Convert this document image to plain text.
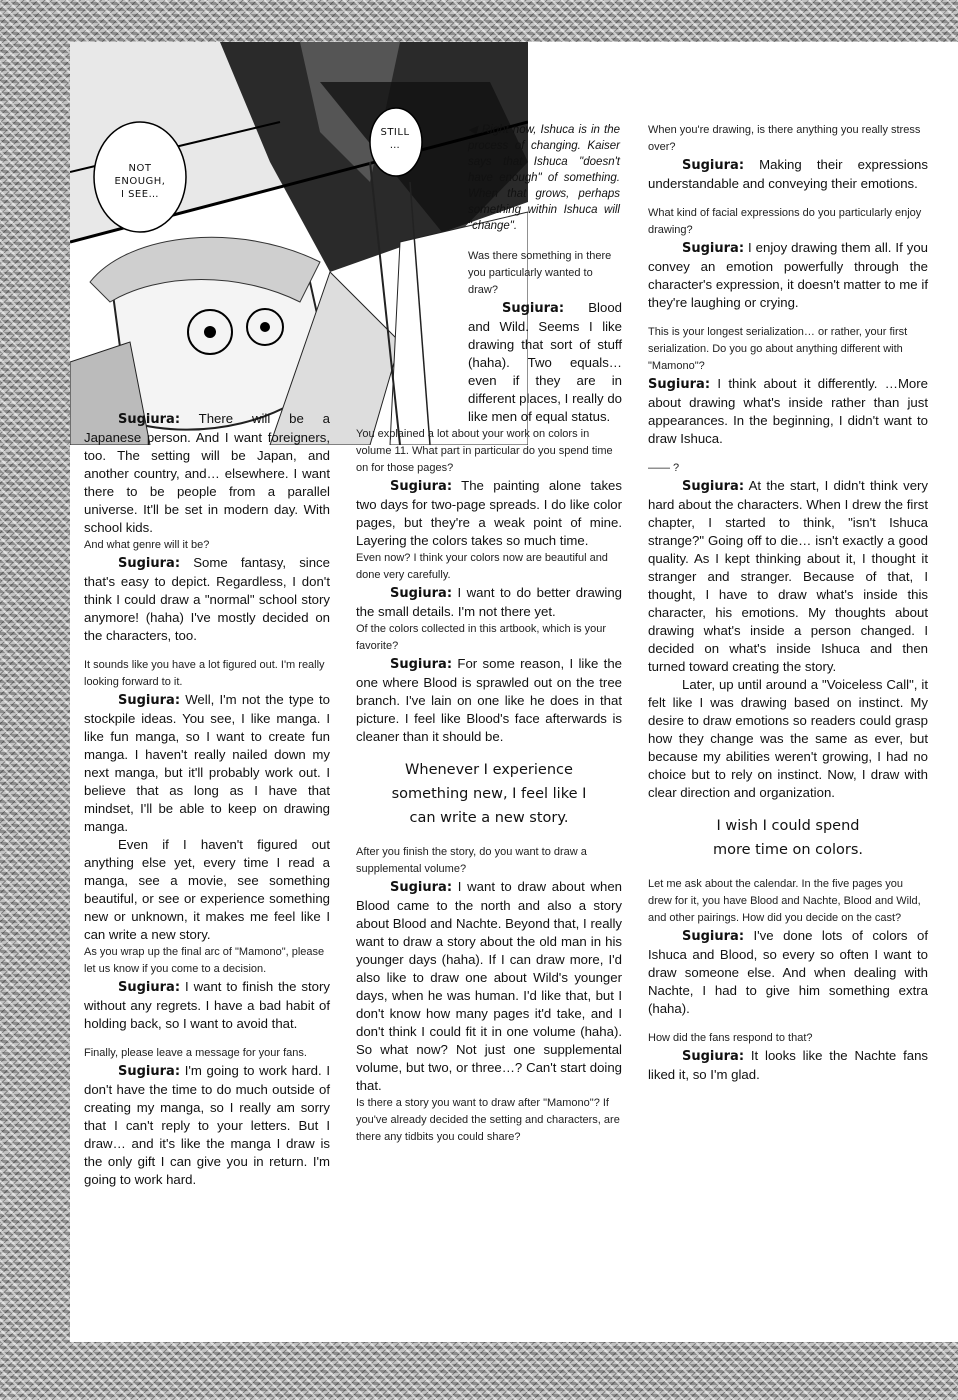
NOT
ENOUGH,
I SEE…
STILL
…
◀ Right now, Ishuca is in the process of changing. Kaiser says that Ishuca "doesn't have enough" of something. When that grows, perhaps something within Ishuca will "change".

Sugiura: There will be a Japanese person. And I want foreigners, too. The setting will be Japan, and another country, and… elsewhere. I want there to be people from a parallel universe. It'll be set in modern day. With school kids.

And what genre will it be?

Sugiura: Some fantasy, since that's easy to depict. Regardless, I don't think I could draw a "normal" school story anymore! (haha) I've mostly decided on the characters, too.

It sounds like you have a lot figured out. I'm really looking forward to it.

Sugiura: Well, I'm not the type to stockpile ideas. You see, I like manga. I like fun manga, so I want to create fun manga. I haven't really nailed down my next manga, but it'll probably work out. I believe that as long as I have that mindset, I'll be able to keep on drawing manga.

Even if I haven't figured out anything else yet, every time I read a manga, see a movie, see something beautiful, or see or experience something new or unknown, it makes me feel like I can write a new story.

As you wrap up the final arc of "Mamono", please let us know if you come to a decision.

Sugiura: I want to finish the story without any regrets. I have a bad habit of holding back, so I want to avoid that.

Finally, please leave a message for your fans.

Sugiura: I'm going to work hard. I don't have the time to do much outside of creating my manga, so I really am sorry that I can't reply to your letters. But I draw… and it's like the manga I draw is the only gift I can give you in return. I'm going to work hard.

Was there something in there you particularly wanted to draw?

Sugiura: Blood and Wild. Seems I like drawing that sort of stuff (haha). Two equals… even if they are in different places, I really do like men of equal status.

You explained a lot about your work on colors in volume 11. What part in particular do you spend time on for those pages?

Sugiura: The painting alone takes two days for two-page spreads. I do like color pages, but they're a weak point of mine. Layering the colors takes so much time.

Even now? I think your colors now are beautiful and done very carefully.

Sugiura: I want to do better drawing the small details. I'm not there yet.

Of the colors collected in this artbook, which is your favorite?

Sugiura: For some reason, I like the one where Blood is sprawled out on the tree branch. I've lain on one like he does in that picture. I feel like Blood's face afterwards is cleaner than it should be.

Whenever I experience something new, I feel like I can write a new story.

After you finish the story, do you want to draw a supplemental volume?

Sugiura: I want to draw about when Blood came to the north and also a story about Blood and Nachte. Beyond that, I really want to draw a story about the old man in his younger days (haha). If I can draw more, I'd also like to draw one about Wild's younger days, when he was human. I'd like that, but I don't know how many pages it'd take, and I don't think I could fit it in one volume (haha). So what now? Not just one supplemental volume, but two, or three…? Can't start doing that.

Is there a story you want to draw after "Mamono"? If you've already decided the setting and characters, are there any tidbits you could share?

When you're drawing, is there anything you really stress over?

Sugiura: Making their expressions understandable and conveying their emotions.

What kind of facial expressions do you particularly enjoy drawing?

Sugiura: I enjoy drawing them all. If you convey an emotion powerfully through the character's expression, it doesn't matter to me if they're laughing or crying.

This is your longest serialization… or rather, your first serialization. Do you go about anything different with "Mamono"?

Sugiura: I think about it differently. …More about drawing what's inside rather than just appearances. In the beginning, I didn't want to draw Ishuca.

—— ?

Sugiura: At the start, I didn't think very hard about the characters. When I drew the first chapter, I started to think, "isn't Ishuca strange?" Going off to die… isn't exactly a good quality. As I kept thinking about it, I thought it stranger and stranger. Because of that, I thought, I have to draw what's inside this character, his emotions. My thoughts about drawing what's inside a person changed. I decided on what's inside Ishuca and then turned toward creating the story.

Later, up until around a "Voiceless Call", it felt like I was drawing based on instinct. My desire to draw emotions so readers could grasp how they change was the same as ever, but because my abilities weren't growing, I had no choice but to rely on instinct. Now, I draw with clear direction and organization.

I wish I could spend more time on colors.

Let me ask about the calendar. In the five pages you drew for it, you have Blood and Nachte, Blood and Wild, and other pairings. How did you decide on the cast?

Sugiura: I've done lots of colors of Ishuca and Blood, so every so often I want to draw someone else. And when dealing with Nachte, I had to give him something extra (haha).

How did the fans respond to that?

Sugiura: It looks like the Nachte fans liked it, so I'm glad.
